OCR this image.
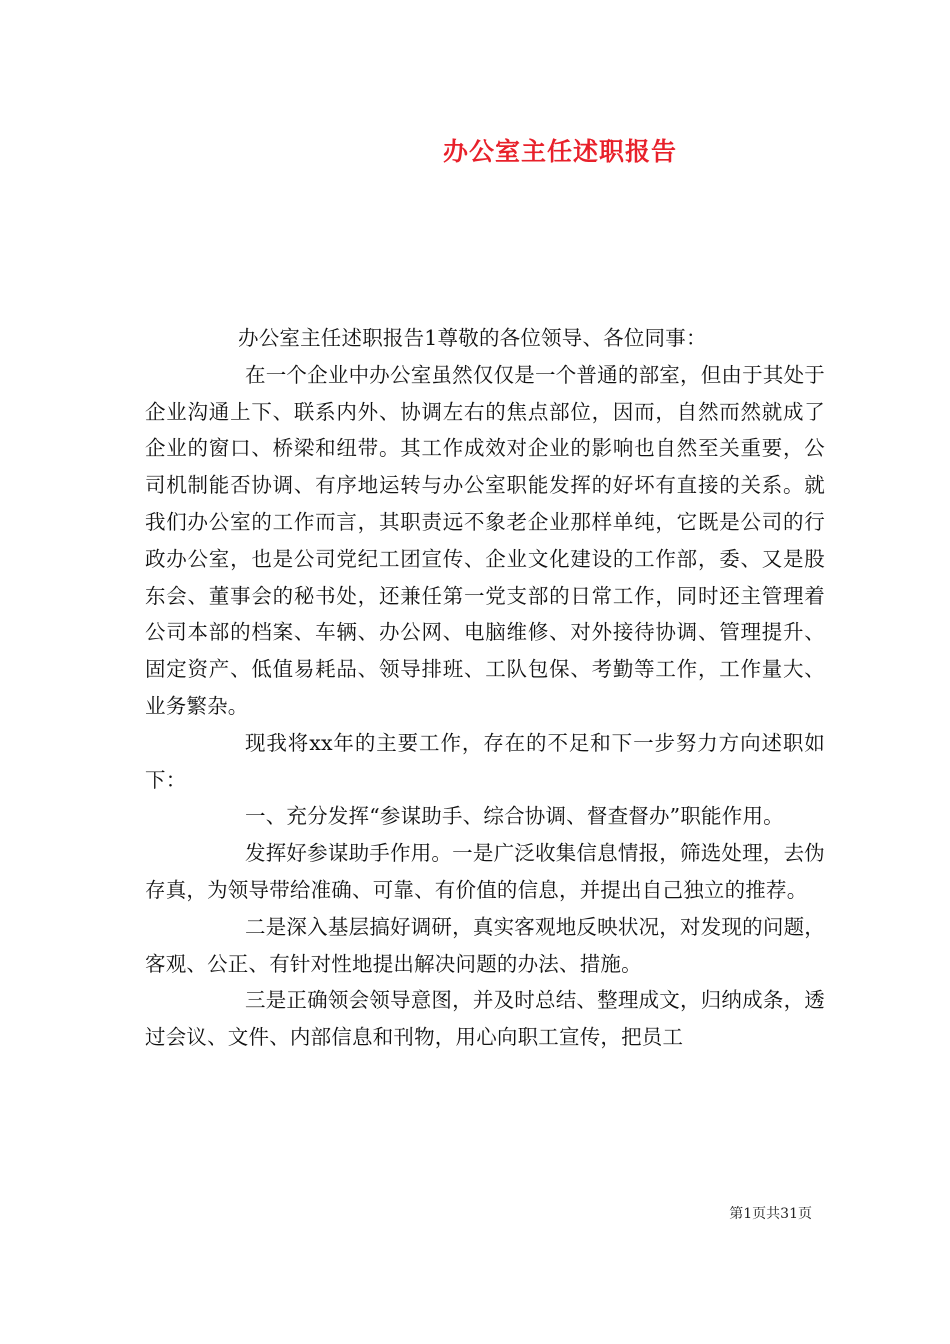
办公室主任述职报告

办公室主任述职报告1尊敬的各位领导、各位同事：

在一个企业中办公室虽然仅仅是一个普通的部室，但由于其处于企业沟通上下、联系内外、协调左右的焦点部位，因而，自然而然就成了企业的窗口、桥梁和纽带。其工作成效对企业的影响也自然至关重要，公司机制能否协调、有序地运转与办公室职能发挥的好坏有直接的关系。就我们办公室的工作而言，其职责远不象老企业那样单纯，它既是公司的行政办公室，也是公司党纪工团宣传、企业文化建设的工作部，委、又是股东会、董事会的秘书处，还兼任第一党支部的日常工作，同时还主管理着公司本部的档案、车辆、办公网、电脑维修、对外接待协调、管理提升、固定资产、低值易耗品、领导排班、工队包保、考勤等工作，工作量大、业务繁杂。

现我将xx年的主要工作，存在的不足和下一步努力方向述职如下：

一、充分发挥“参谋助手、综合协调、督查督办”职能作用。

发挥好参谋助手作用。一是广泛收集信息情报，筛选处理，去伪存真，为领导带给准确、可靠、有价值的信息，并提出自己独立的推荐。

二是深入基层搞好调研，真实客观地反映状况，对发现的问题，客观、公正、有针对性地提出解决问题的办法、措施。

三是正确领会领导意图，并及时总结、整理成文，归纳成条，透过会议、文件、内部信息和刊物，用心向职工宣传，把员工

第1页共31页
